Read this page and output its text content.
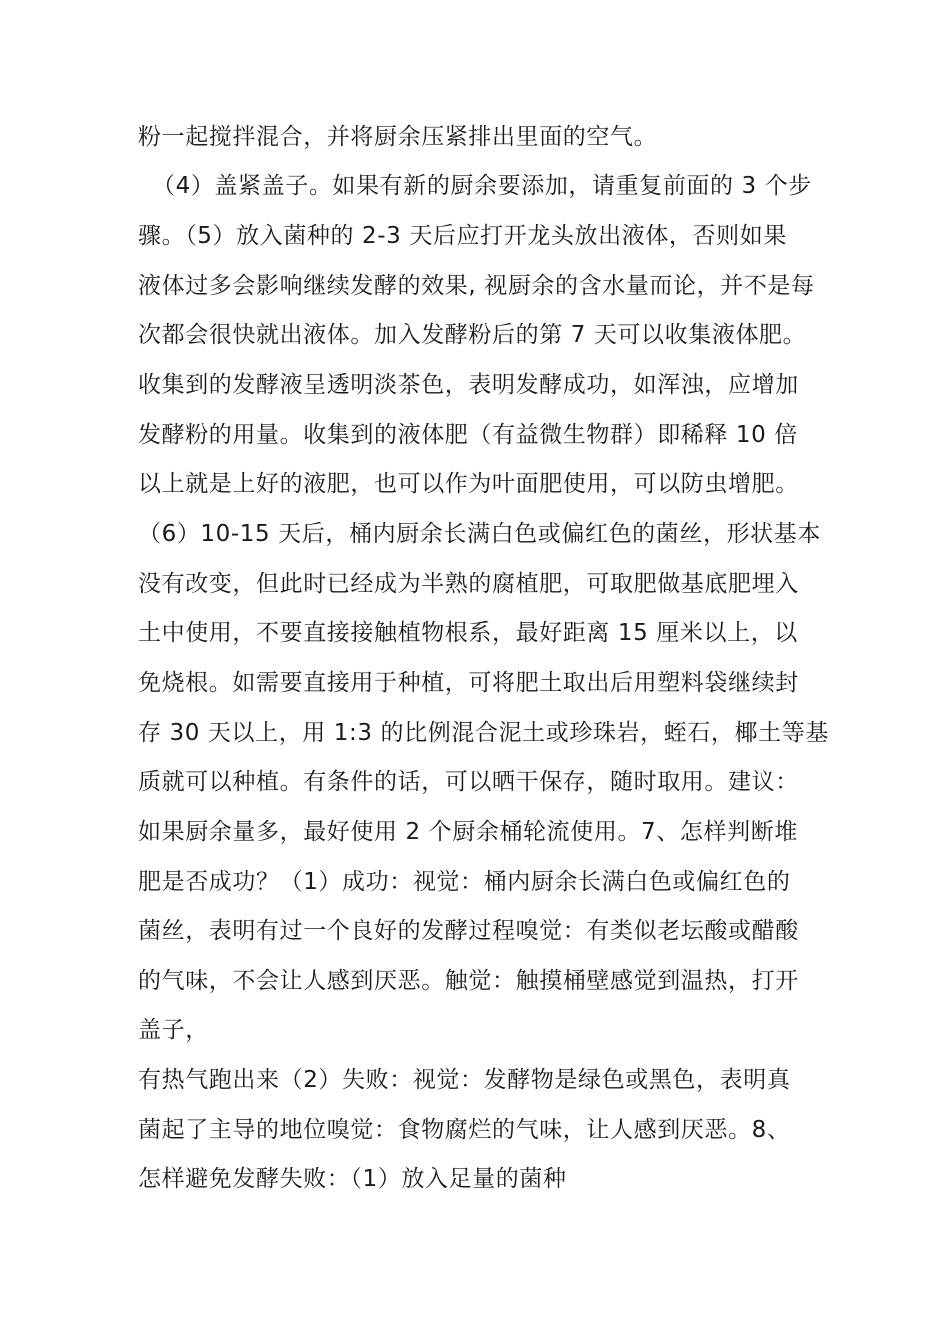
粉一起搅拌混合，并将厨余压紧排出里面的空气。
（4）盖紧盖子。如果有新的厨余要添加，请重复前面的 3 个步
骤。（5）放入菌种的 2-3 天后应打开龙头放出液体，否则如果
液体过多会影响继续发酵的效果, 视厨余的含水量而论，并不是每
次都会很快就出液体。加入发酵粉后的第 7 天可以收集液体肥。
收集到的发酵液呈透明淡茶色，表明发酵成功，如浑浊，应增加
发酵粉的用量。收集到的液体肥（有益微生物群）即稀释 10 倍
以上就是上好的液肥，也可以作为叶面肥使用，可以防虫增肥。
（6）10-15 天后，桶内厨余长满白色或偏红色的菌丝，形状基本
没有改变，但此时已经成为半熟的腐植肥，可取肥做基底肥埋入
土中使用，不要直接接触植物根系，最好距离 15 厘米以上，以
免烧根。如需要直接用于种植，可将肥土取出后用塑料袋继续封
存 30 天以上，用 1:3 的比例混合泥土或珍珠岩，蛭石，椰土等基
质就可以种植。有条件的话，可以晒干保存，随时取用。建议：
如果厨余量多，最好使用 2 个厨余桶轮流使用。7、怎样判断堆
肥是否成功？（1）成功：视觉：桶内厨余长满白色或偏红色的
菌丝，表明有过一个良好的发酵过程嗅觉：有类似老坛酸或醋酸
的气味，不会让人感到厌恶。触觉：触摸桶壁感觉到温热，打开
盖子，
有热气跑出来（2）失败：视觉：发酵物是绿色或黑色，表明真
菌起了主导的地位嗅觉：食物腐烂的气味，让人感到厌恶。8、
怎样避免发酵失败：（1）放入足量的菌种
